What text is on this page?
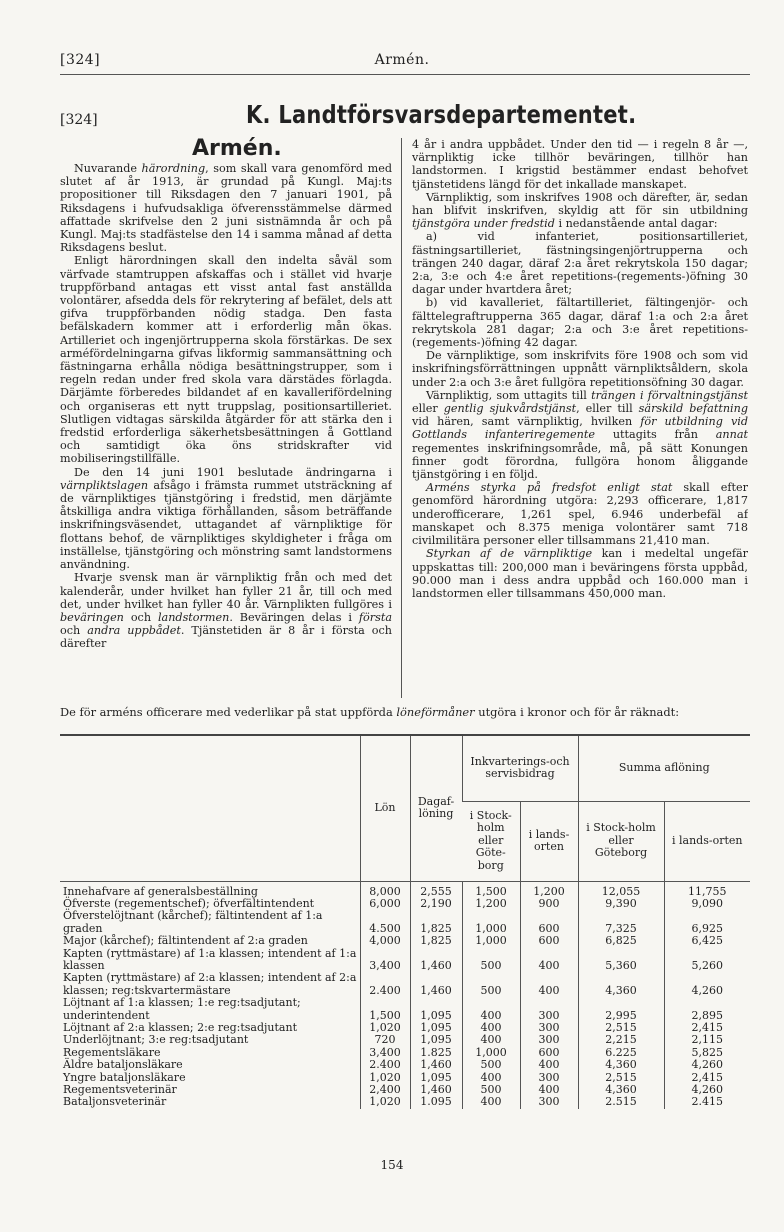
[324]	Armén.
[324]	K. Landtförsvarsdepartementet.
Armén.

Nuvarande härordning, som skall vara genomförd med slutet af år 1913, är grundad på Kungl. Maj:ts propositioner till Riksdagen den 7 januari 1901, på Riksdagens i hufvudsakliga öfverensstämmelse därmed affattade skrifvelse den 2 juni sistnämnda år och på Kungl. Maj:ts stadfästelse den 14 i samma månad af detta Riksdagens beslut.

Enligt härordningen skall den indelta såväl som värfvade stamtruppen afskaffas och i stället vid hvarje truppförband antagas ett visst antal fast anställda volontärer, afsedda dels för rekrytering af befälet, dels att gifva truppförbanden nödig stadga. Den fasta befälskadern kommer att i erforderlig mån ökas. Artilleriet och ingenjörtrupperna skola förstärkas. De sex arméfördelningarna gifvas likformig sammansättning och fästningarna erhålla nödiga besättningstrupper, som i regeln redan under fred skola vara därstädes förlagda. Därjämte förberedes bildandet af en kavallerifördelning och organiseras ett nytt truppslag, positionsartilleriet. Slutligen vidtagas särskilda åtgärder för att stärka den i fredstid erforderliga säkerhetsbesättningen å Gottland och samtidigt öka öns stridskrafter vid mobiliseringstillfälle.

De den 14 juni 1901 beslutade ändringarna i värnpliktslagen afsågo i främsta rummet utsträckning af de värnpliktiges tjänstgöring i fredstid, men därjämte åtskilliga andra viktiga förhållanden, såsom beträffande inskrifningsväsendet, uttagandet af värnpliktige för flottans behof, de värnpliktiges skyldigheter i fråga om inställelse, tjänstgöring och mönstring samt landstormens användning.

Hvarje svensk man är värnpliktig från och med det kalenderår, under hvilket han fyller 21 år, till och med det, under hvilket han fyller 40 år. Värnplikten fullgöres i beväringen och landstormen. Beväringen delas i första och andra uppbådet. Tjänstetiden är 8 år i första och därefter

4 år i andra uppbådet. Under den tid — i regeln 8 år —, värnpliktig icke tillhör beväringen, tillhör han landstormen. I krigstid bestämmer endast behofvet tjänstetidens längd för det inkallade manskapet.

Värnpliktig, som inskrifves 1908 och därefter, är, sedan han blifvit inskrifven, skyldig att för sin utbildning tjänstgöra under fredstid i nedanstående antal dagar:

a) vid infanteriet, positionsartilleriet, fästningsartilleriet, fästningsingenjörtrupperna och trängen 240 dagar, däraf 2:a året rekrytskola 150 dagar; 2:a, 3:e och 4:e året repetitions-(regements-)öfning 30 dagar under hvartdera året;

b) vid kavalleriet, fältartilleriet, fältingenjör- och fälttelegraftrupperna 365 dagar, däraf 1:a och 2:a året rekrytskola 281 dagar; 2:a och 3:e året repetitions-(regements-)öfning 42 dagar.

De värnpliktige, som inskrifvits före 1908 och som vid inskrifningsförrättningen uppnått värnpliktsåldern, skola under 2:a och 3:e året fullgöra repetitionsöfning 30 dagar.

Värnpliktig, som uttagits till trängen i förvaltningstjänst eller gentlig sjukvårdstjänst, eller till särskild befattning vid hären, samt värnpliktig, hvilken för utbildning vid Gottlands infanteriregemente uttagits från annat regementes inskrifningsområde, må, på sätt Konungen finner godt förordna, fullgöra honom åliggande tjänstgöring i en följd.

Arméns styrka på fredsfot enligt stat skall efter genomförd härordning utgöra: 2,293 officerare, 1,817 underofficerare, 1,261 spel, 6.946 underbefäl af manskapet och 8.375 meniga volontärer samt 718 civilmilitära personer eller tillsammans 21,410 man.

Styrkan af de värnpliktige kan i medeltal ungefär uppskattas till: 200,000 man i beväringens första uppbåd, 90.000 man i dess andra uppbåd och 160.000 man i landstormen eller tillsammans 450,000 man.

De för arméns officerare med vederlikar på stat uppförda löneförmåner utgöra i kronor och för år räknadt:
	Lön	Dagaf-löning	Inkvarterings-och servisbidrag		Summa aflöning	
			i Stock-holm eller Göte-borg	i lands-orten	i Stock-holm eller Göteborg	i lands-orten
Innehafvare af generalsbeställning	8,000	2,555	1,500	1,200	12,055	11,755
Öfverste (regementschef); öfverfältintendent	6,000	2,190	1,200	900	9,390	9,090
Öfverstelöjtnant (kårchef); fältintendent af 1:a graden	4.500	1,825	1,000	600	7,325	6,925
Major (kårchef); fältintendent af 2:a graden	4,000	1,825	1,000	600	6,825	6,425
Kapten (ryttmästare) af 1:a klassen; intendent af 1:a klassen	3,400	1,460	500	400	5,360	5,260
Kapten (ryttmästare) af 2:a klassen; intendent af 2:a klassen; reg:tskvartermästare	2.400	1,460	500	400	4,360	4,260
Löjtnant af 1:a klassen; 1:e reg:tsadjutant; underintendent	1,500	1,095	400	300	2,995	2,895
Löjtnant af 2:a klassen; 2:e reg:tsadjutant	1,020	1,095	400	300	2,515	2,415
Underlöjtnant; 3:e reg:tsadjutant	720	1,095	400	300	2,215	2,115
Regementsläkare	3,400	1.825	1,000	600	6.225	5,825
Äldre bataljonsläkare	2.400	1,460	500	400	4,360	4,260
Yngre bataljonsläkare	1,020	1,095	400	300	2,515	2,415
Regementsveterinär	2,400	1,460	500	400	4,360	4,260
Bataljonsveterinär	1,020	1.095	400	300	2.515	2.415
154
